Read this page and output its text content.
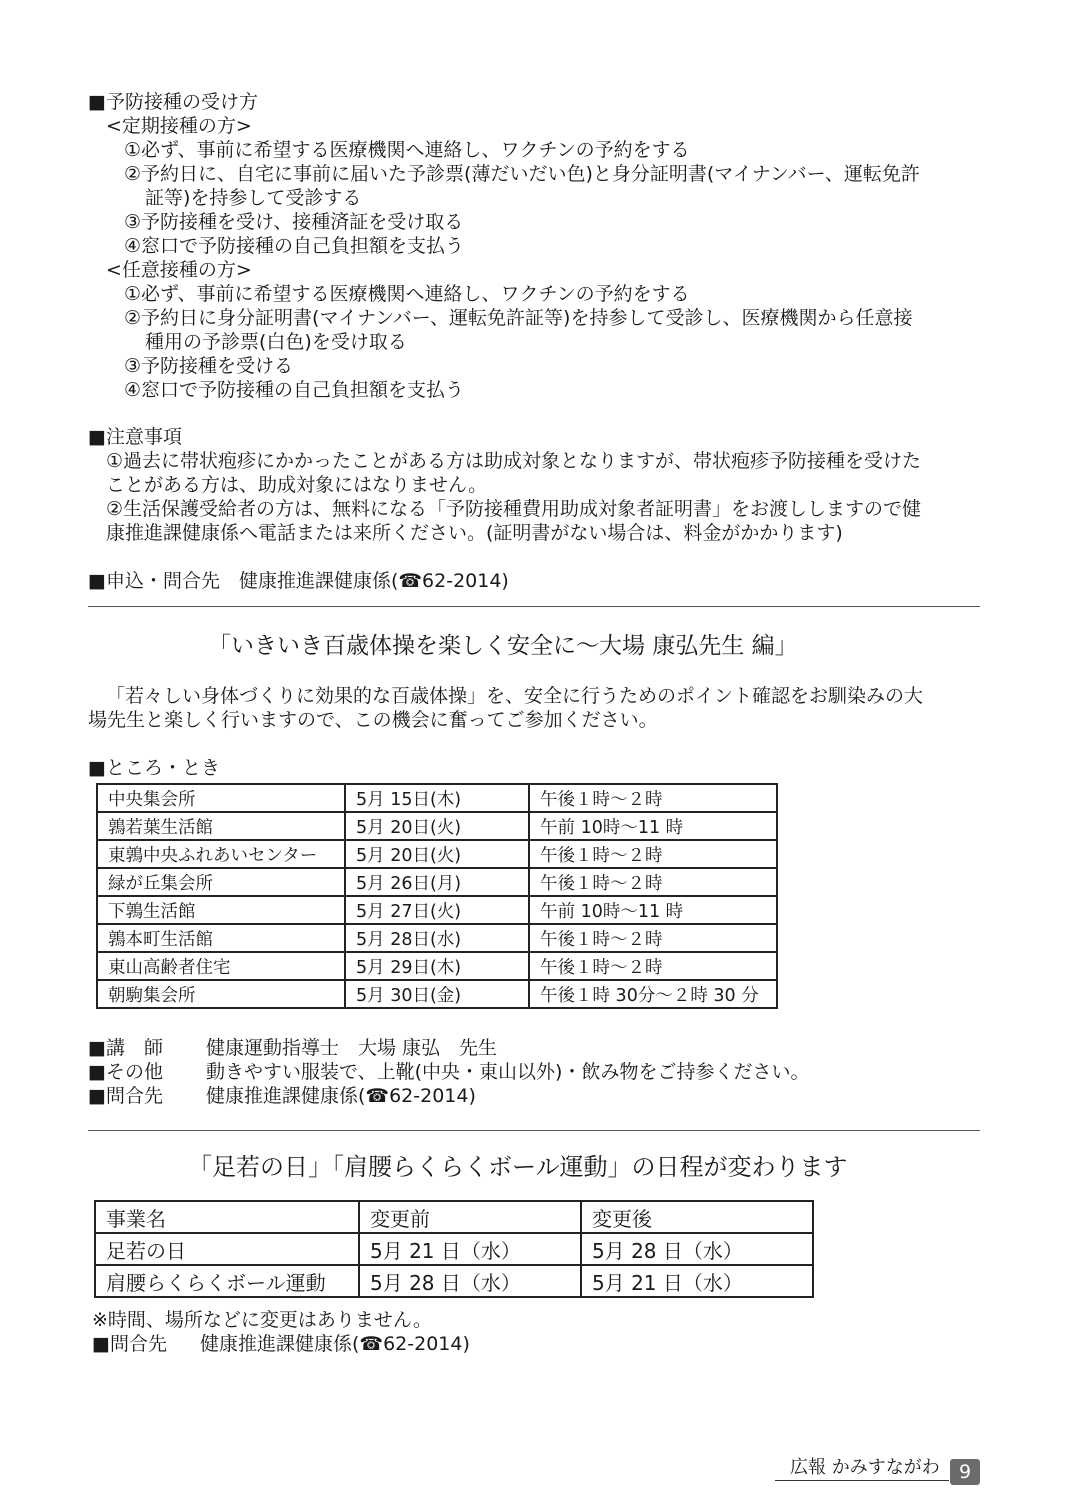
■予防接種の受け方
<定期接種の方>
①必ず、事前に希望する医療機関へ連絡し、ワクチンの予約をする
②予約日に、自宅に事前に届いた予診票(薄だいだい色)と身分証明書(マイナンバー、運転免許
証等)を持参して受診する
③予防接種を受け、接種済証を受け取る
④窓口で予防接種の自己負担額を支払う
<任意接種の方>
①必ず、事前に希望する医療機関へ連絡し、ワクチンの予約をする
②予約日に身分証明書(マイナンバー、運転免許証等)を持参して受診し、医療機関から任意接
種用の予診票(白色)を受け取る
③予防接種を受ける
④窓口で予防接種の自己負担額を支払う
■注意事項
①過去に帯状疱疹にかかったことがある方は助成対象となりますが、帯状疱疹予防接種を受けた
ことがある方は、助成対象にはなりません。
②生活保護受給者の方は、無料になる「予防接種費用助成対象者証明書」をお渡ししますので健
康推進課健康係へ電話または来所ください。(証明書がない場合は、料金がかかります)
■申込・問合先　健康推進課健康係(☎62-2014)
「いきいき百歳体操を楽しく安全に～大場 康弘先生 編」
「若々しい身体づくりに効果的な百歳体操」を、安全に行うためのポイント確認をお馴染みの大
場先生と楽しく行いますので、この機会に奮ってご参加ください。
■ところ・とき
中央集会所	5月 15日(木)	午後１時～２時
鶉若葉生活館	5月 20日(火)	午前 10時～11 時
東鶉中央ふれあいセンター	5月 20日(火)	午後１時～２時
緑が丘集会所	5月 26日(月)	午後１時～２時
下鶉生活館	5月 27日(火)	午前 10時～11 時
鶉本町生活館	5月 28日(水)	午後１時～２時
東山高齢者住宅	5月 29日(木)	午後１時～２時
朝駒集会所	5月 30日(金)	午後１時 30分～２時 30 分
■講　師 健康運動指導士　大場 康弘　先生
■その他 動きやすい服装で、上靴(中央・東山以外)・飲み物をご持参ください。
■問合先 健康推進課健康係(☎62-2014)
「足若の日」「肩腰らくらくボール運動」の日程が変わります
事業名	変更前	変更後
足若の日	5月 21 日（水）	5月 28 日（水）
肩腰らくらくボール運動	5月 28 日（水）	5月 21 日（水）
※時間、場所などに変更はありません。
■問合先 健康推進課健康係(☎62-2014)
広報 かみすながわ	9
